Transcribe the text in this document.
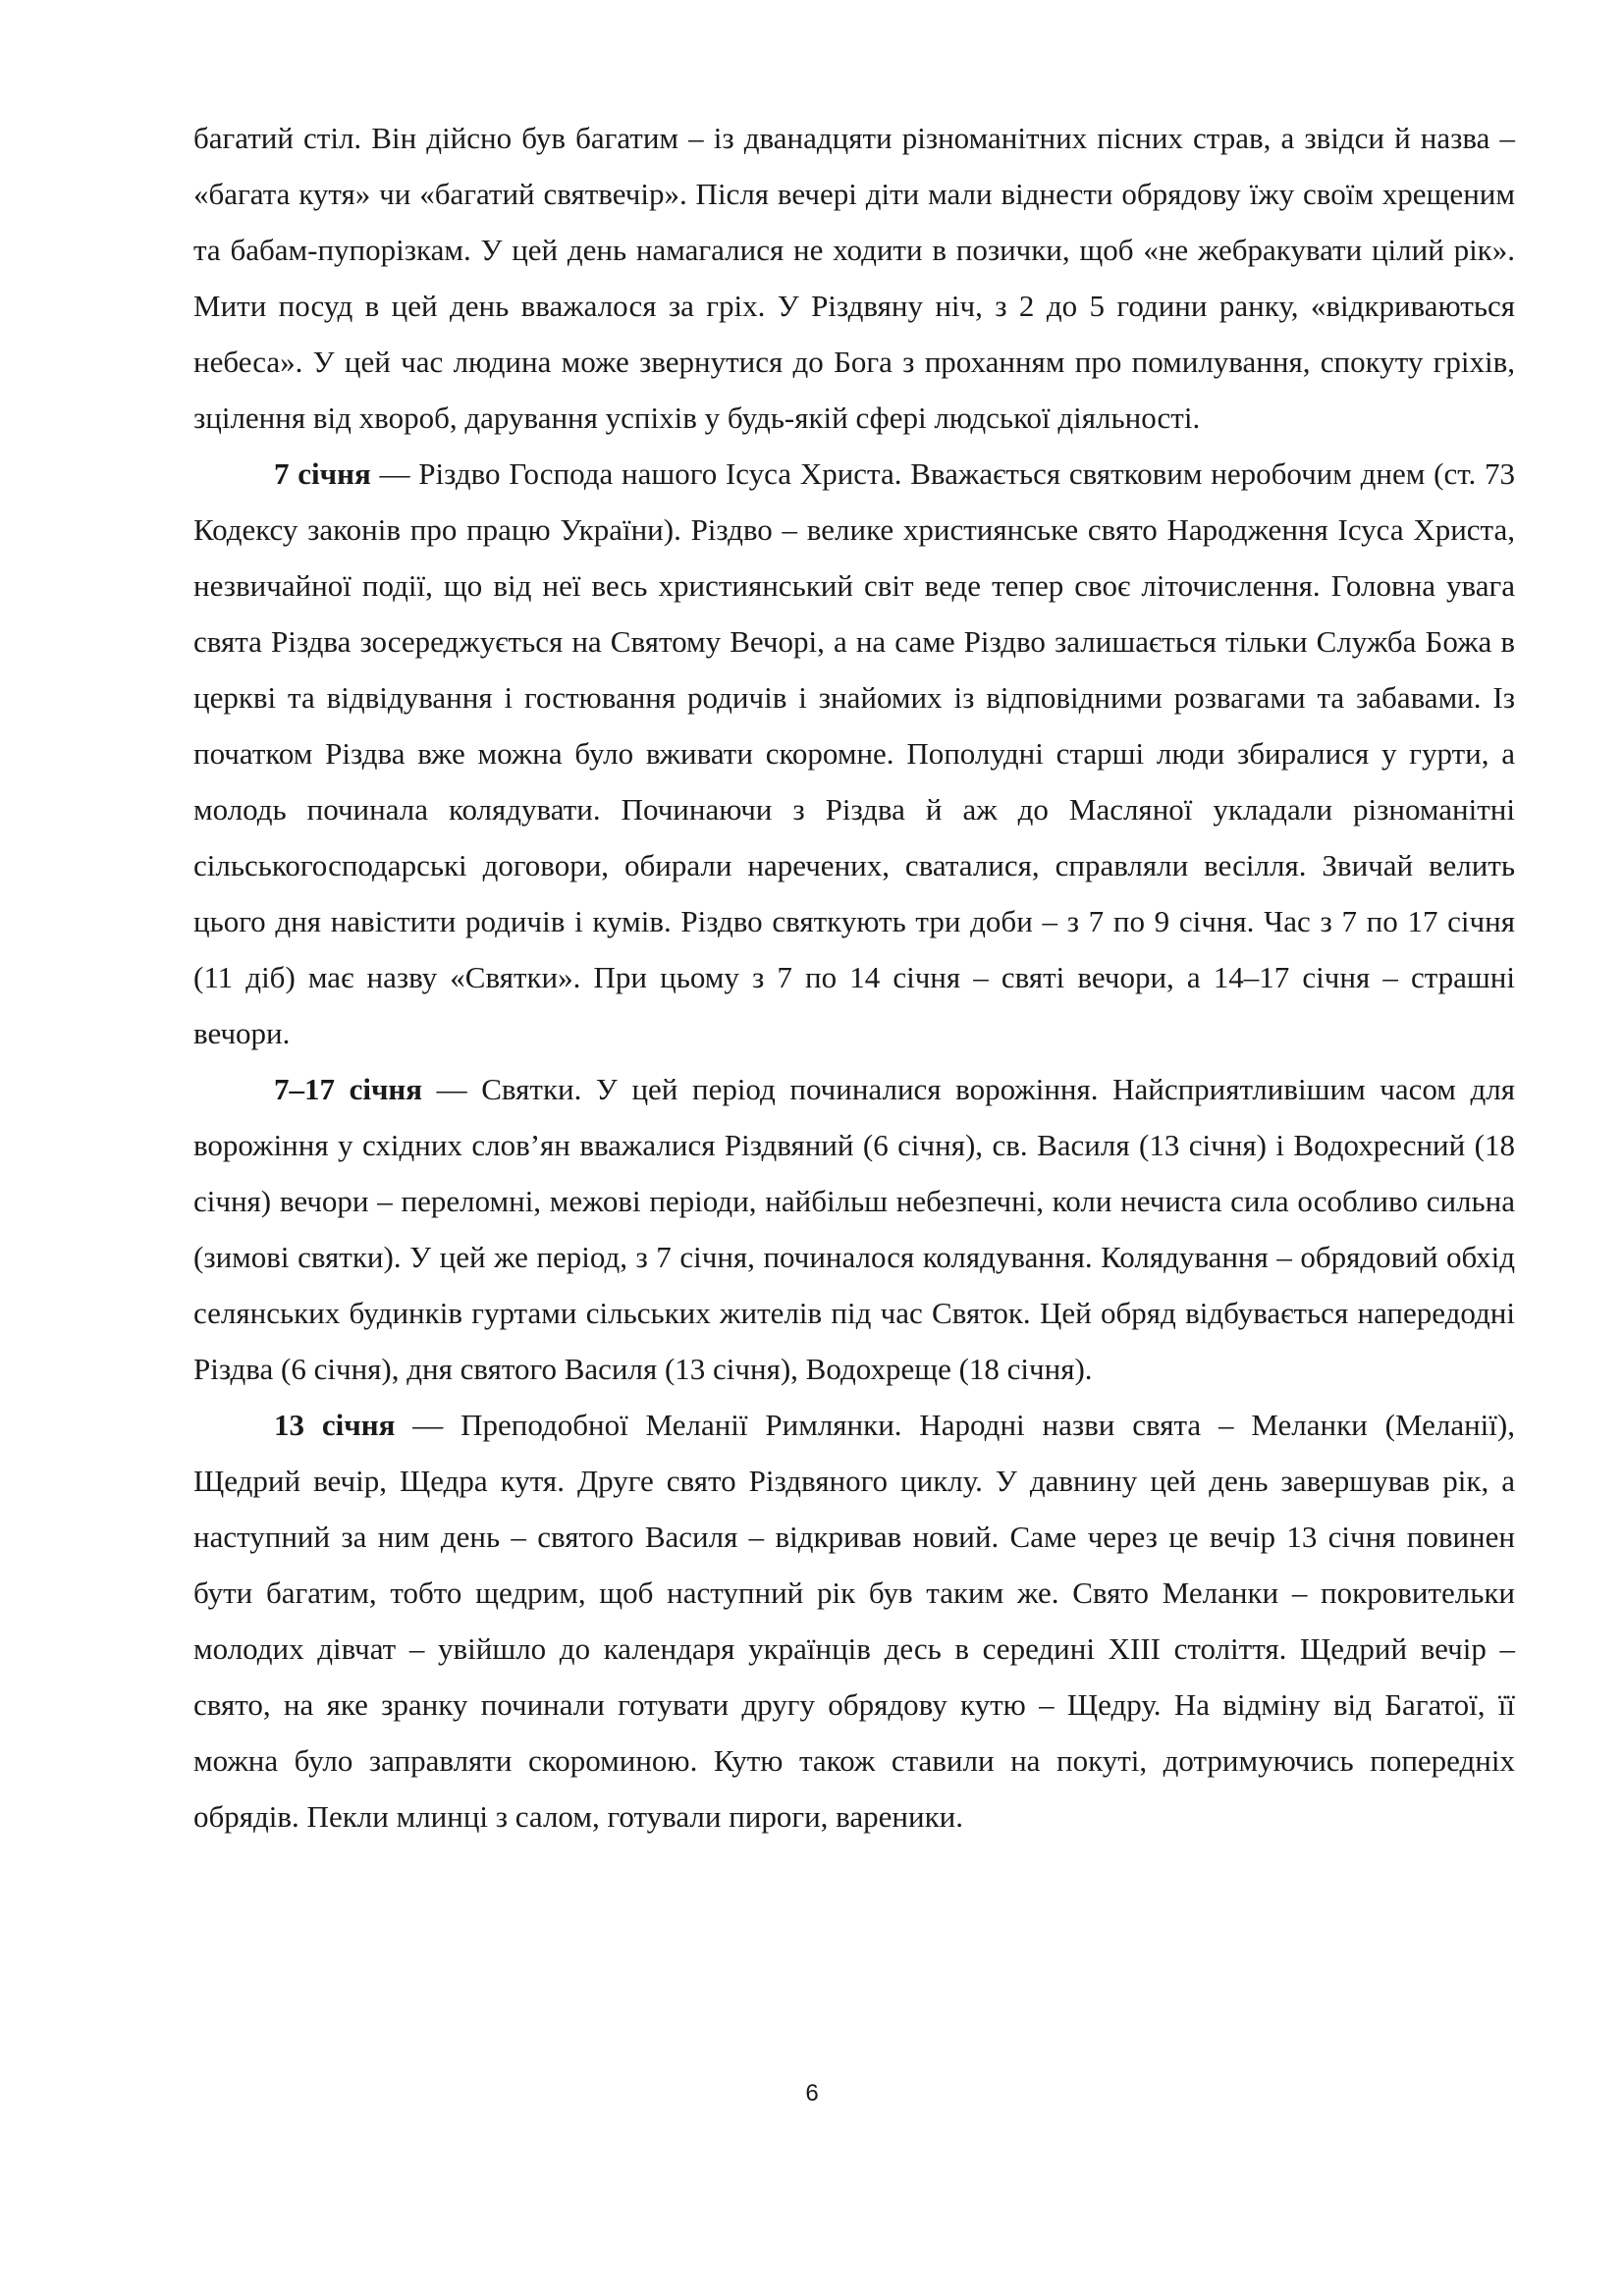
багатий стіл. Він дійсно був багатим – із дванадцяти різноманітних пісних страв, а звідси й назва – «багата кутя» чи «багатий святвечір». Після вечері діти мали віднести обрядову їжу своїм хрещеним та бабам-пупорізкам. У цей день намагалися не ходити в позички, щоб «не жебракувати цілий рік». Мити посуд в цей день вважалося за гріх. У Різдвяну ніч, з 2 до 5 години ранку, «відкриваються небеса». У цей час людина може звернутися до Бога з проханням про помилування, спокуту гріхів, зцілення від хвороб, дарування успіхів у будь-якій сфері людської діяльності.

7 січня — Різдво Господа нашого Ісуса Христа. Вважається святковим неробочим днем (ст. 73 Кодексу законів про працю України). Різдво – велике християнське свято Народження Ісуса Христа, незвичайної події, що від неї весь християнський світ веде тепер своє літочислення. Головна увага свята Різдва зосереджується на Святому Вечорі, а на саме Різдво залишається тільки Служба Божа в церкві та відвідування і гостювання родичів і знайомих із відповідними розвагами та забавами. Із початком Різдва вже можна було вживати скоромне. Пополудні старші люди збиралися у гурти, а молодь починала колядувати. Починаючи з Різдва й аж до Масляної укладали різноманітні сільськогосподарські договори, обирали наречених, сваталися, справляли весілля. Звичай велить цього дня навістити родичів і кумів. Різдво святкують три доби – з 7 по 9 січня. Час з 7 по 17 січня (11 діб) має назву «Святки». При цьому з 7 по 14 січня – святі вечори, а 14–17 січня – страшні вечори.

7–17 січня — Святки. У цей період починалися ворожіння. Найсприятливішим часом для ворожіння у східних слов’ян вважалися Різдвяний (6 січня), св. Василя (13 січня) і Водохресний (18 січня) вечори – переломні, межові періоди, найбільш небезпечні, коли нечиста сила особливо сильна (зимові святки). У цей же період, з 7 січня, починалося колядування. Колядування – обрядовий обхід селянських будинків гуртами сільських жителів під час Святок. Цей обряд відбувається напередодні Різдва (6 січня), дня святого Василя (13 січня), Водохреще (18 січня).

13 січня — Преподобної Меланії Римлянки. Народні назви свята – Меланки (Меланії), Щедрий вечір, Щедра кутя. Друге свято Різдвяного циклу. У давнину цей день завершував рік, а наступний за ним день – святого Василя – відкривав новий. Саме через це вечір 13 січня повинен бути багатим, тобто щедрим, щоб наступний рік був таким же. Свято Меланки – покровительки молодих дівчат – увійшло до календаря українців десь в середині ХІІІ століття. Щедрий вечір – свято, на яке зранку починали готувати другу обрядову кутю – Щедру. На відміну від Багатої, її можна було заправляти скороминою. Кутю також ставили на покуті, дотримуючись попередніх обрядів. Пекли млинці з салом, готували пироги, вареники.

6
